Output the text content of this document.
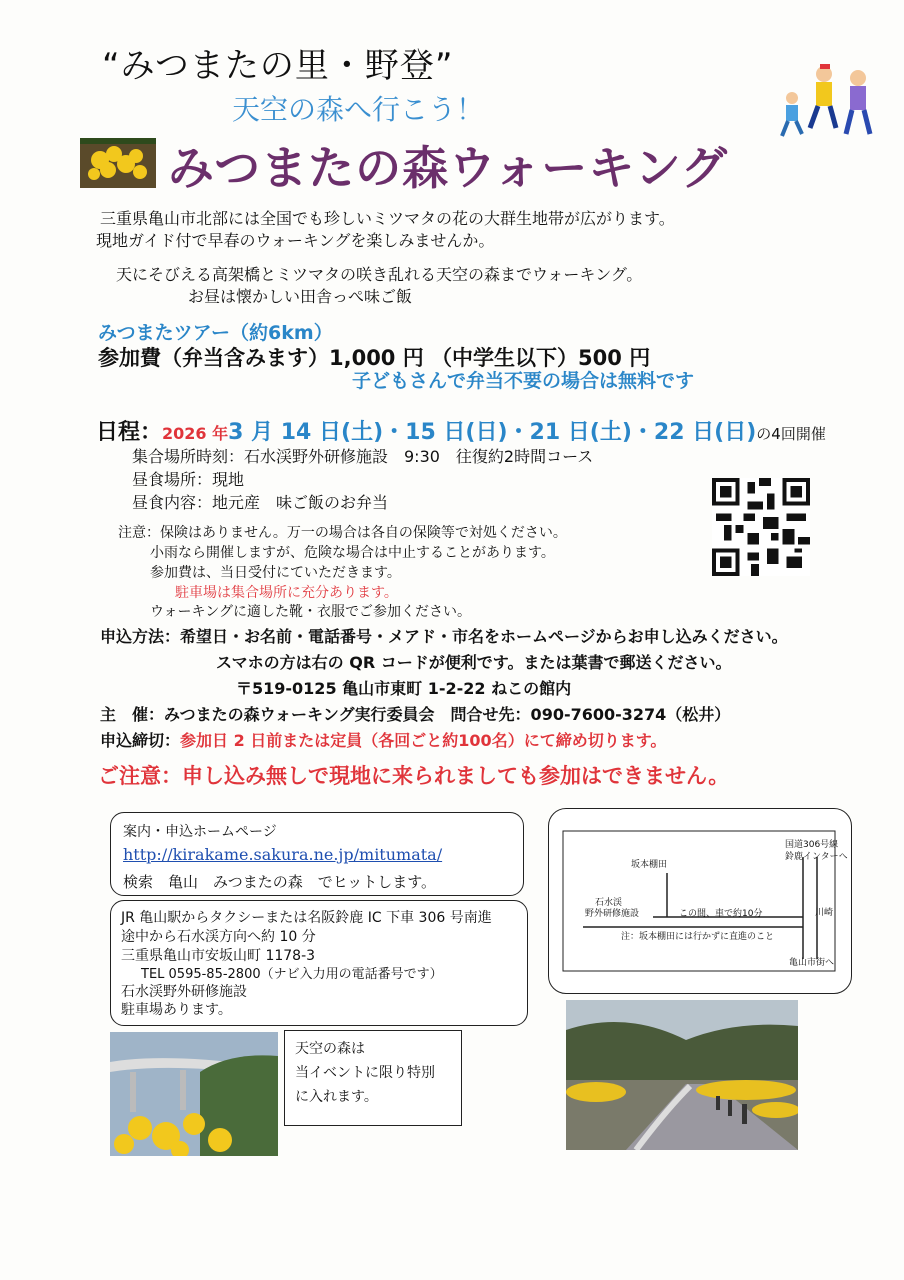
“みつまたの里・野登”
天空の森へ行こう！
みつまたの森ウォーキング
三重県亀山市北部には全国でも珍しいミツマタの花の大群生地帯が広がります。
現地ガイド付で早春のウォーキングを楽しみませんか。
天にそびえる高架橋とミツマタの咲き乱れる天空の森までウォーキング。
お昼は懐かしい田舎っぺ味ご飯
みつまたツアー（約6km）
参加費（弁当含みます）1,000 円 （中学生以下）500 円
子どもさんで弁当不要の場合は無料です
日程：2026 年3 月 14 日(土)・15 日(日)・21 日(土)・22 日(日)の4回開催
集合場所時刻：石水渓野外研修施設　9:30　往復約2時間コース
昼食場所：現地
昼食内容：地元産　味ご飯のお弁当
注意：保険はありません。万一の場合は各自の保険等で対処ください。
小雨なら開催しますが、危険な場合は中止することがあります。
参加費は、当日受付にていただきます。
駐車場は集合場所に充分あります。
ウォーキングに適した靴・衣服でご参加ください。
申込方法：希望日・お名前・電話番号・メアド・市名をホームページからお申し込みください。
スマホの方は右の QR コードが便利です。または葉書で郵送ください。
〒519-0125 亀山市東町 1-2-22 ねこの館内
主　催：みつまたの森ウォーキング実行委員会　問合せ先：090-7600-3274（松井）
申込締切：参加日 2 日前または定員（各回ごと約100名）にて締め切ります。
ご注意：申し込み無しで現地に来られましても参加はできません。
案内・申込ホームページ
http://kirakame.sakura.ne.jp/mitumata/
検索　亀山　みつまたの森　でヒットします。
JR 亀山駅からタクシーまたは名阪鈴鹿 IC 下車 306 号南進
途中から石水渓方向へ約 10 分
三重県亀山市安坂山町 1178-3
TEL 0595-85-2800（ナビ入力用の電話番号です）
石水渓野外研修施設
駐車場あります。
坂本棚田
国道306号線
鈴鹿インターへ
石水渓
野外研修施設	この間、車で約10分	川崎
注：坂本棚田には行かずに直進のこと
亀山市街へ
天空の森は
当イベントに限り特別
に入れます。
